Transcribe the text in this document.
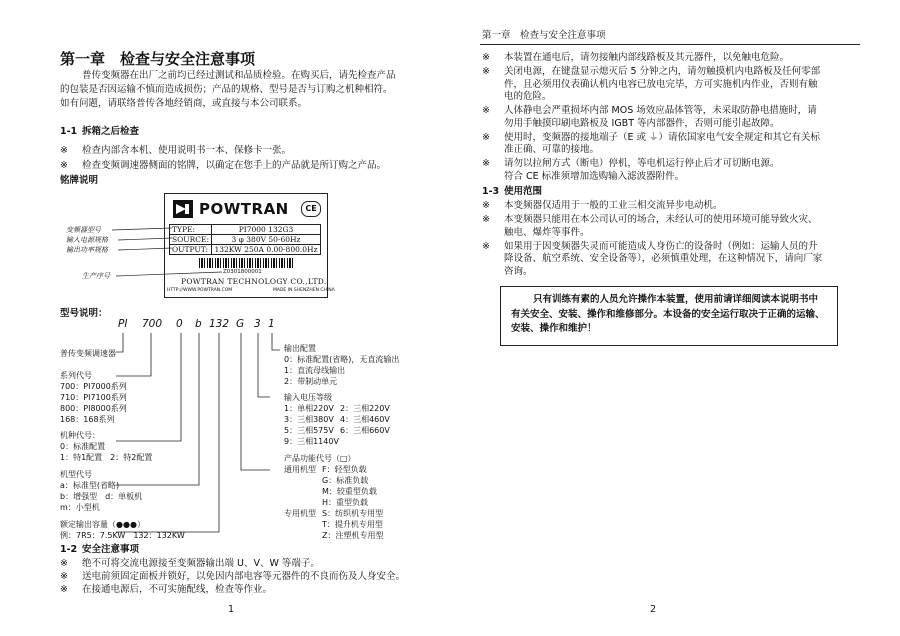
第一章　检查与安全注意事项
普传变频器在出厂之前均已经过测试和品质检验。在购买后，请先检查产品
的包装是否因运输不慎而造成损伤；产品的规格、型号是否与订购之机种相符。
如有问题，请联络普传各地经销商，或直接与本公司联系。
1-1 拆箱之后检查
※ 检查内部含本机、使用说明书一本、保修卡一张。
※ 检查变频调速器侧面的铭牌，以确定在您手上的产品就是所订购之产品。
铭牌说明
POWTRAN	CE
TYPE:	PI7000 132G3
SOURCE:	3 φ 380V 50-60Hz
OUTPUT:	132KW 250A 0.00-800.0Hz
Z0301800001
POWTRAN TECHNOLOGY CO.,LTD.
HTTP://WWW.POWTRAN.COM	MADE IN SHENZHEN CHINA
变频器型号
输入电源规格
输出功率规格
生产序号
型号说明：
PI 700 0 b 132 G 3 1
普传变频调速器
系列代号
700：PI7000系列
710：PI7100系列
800：PI8000系列
168：168系列
机种代号：
0：标准配置
1：特1配置　2：特2配置
机型代号
a：标准型(省略)
b：增强型　d：单板机
m：小型机
额定输出容量（●●●）
例：7R5：7.5KW　132：132KW
输出配置
0：标准配置(省略)，无直流输出
1：直流母线输出
2：带制动单元
输入电压等级
1：单相220V 2：三相220V
3：三相380V 4：三相460V
5：三相575V 6：三相660V
9：三相1140V
产品功能代号（□）
通用机型 F：轻型负载
G：标准负载
M：较重型负载
H：重型负载
专用机型 S：纺织机专用型
T：提升机专用型
Z：注塑机专用型
1-2 安全注意事项
※ 绝不可将交流电源接至变频器输出端 U、V、W 等端子。
※ 送电前须固定面板并锁好，以免因内部电容等元器件的不良而伤及人身安全。
※ 在接通电源后，不可实施配线，检查等作业。
1
第一章　检查与安全注意事项
※ 本装置在通电后，请勿接触内部线路板及其元器件，以免触电危险。
※ 关闭电源，在键盘显示熄灭后 5 分钟之内，请勿触摸机内电路板及任何零部
件，且必须用仪表确认机内电容已放电完毕，方可实施机内作业，否则有触
电的危险。
※ 人体静电会严重损坏内部 MOS 场效应晶体管等，未采取防静电措施时，请
勿用手触摸印刷电路板及 IGBT 等内部器件，否则可能引起故障。
※ 使用时，变频器的接地端子（E 或 ⏚）请依国家电气安全规定和其它有关标
准正确、可靠的接地。
※ 请勿以拉闸方式（断电）停机，等电机运行停止后才可切断电源。
符合 CE 标准须增加选购输入滤波器附件。
1-3 使用范围
※ 本变频器仅适用于一般的工业三相交流异步电动机。
※ 本变频器只能用在本公司认可的场合，未经认可的使用环境可能导致火灾、
触电、爆炸等事件。
※ 如果用于因变频器失灵而可能造成人身伤亡的设备时（例如：运输人员的升
降设备、航空系统、安全设备等），必须慎重处理，在这种情况下，请向厂家
咨询。
2
只有训练有素的人员允许操作本装置，使用前请详细阅读本说明书中有关安全、安装、操作和维修部分。本设备的安全运行取决于正确的运输、安装、操作和维护！
